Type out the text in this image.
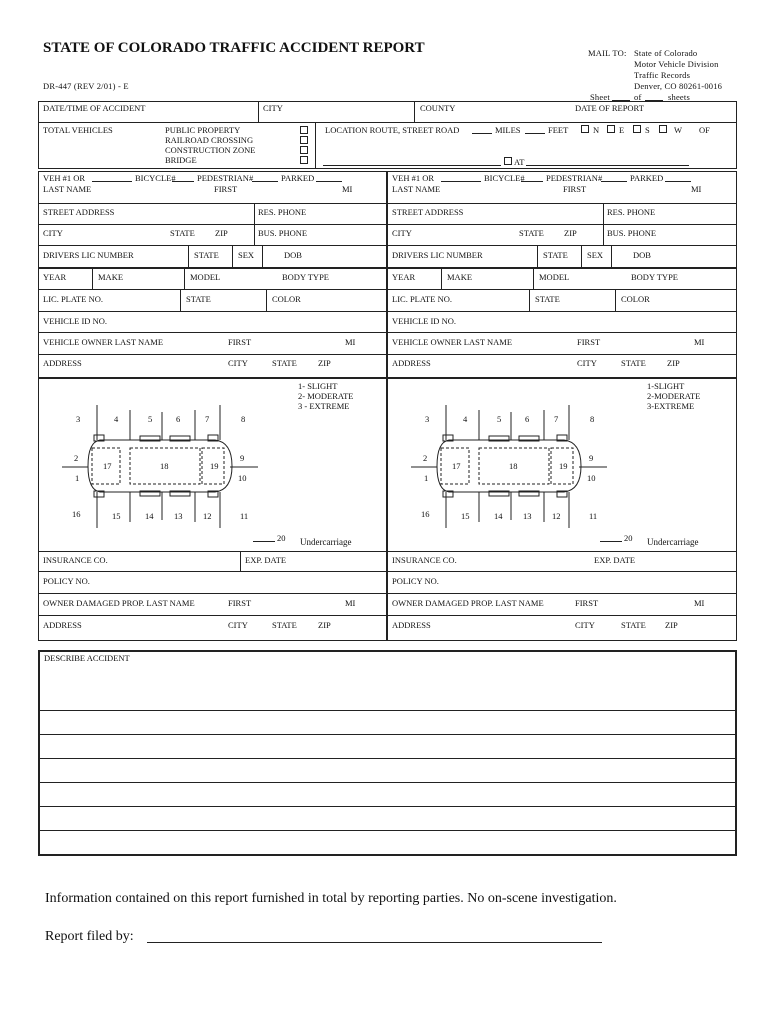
STATE OF COLORADO TRAFFIC ACCIDENT REPORT
DR-447 (REV 2/01) - E
MAIL TO: State of Colorado
Motor Vehicle Division
Traffic Records
Denver, CO 80261-0016
Sheet	of	sheets
DATE/TIME OF ACCIDENT	CITY	COUNTY	DATE OF REPORT
TOTAL VEHICLES	PUBLIC PROPERTY
RAILROAD CROSSING
CONSTRUCTION ZONE
BRIDGE
LOCATION ROUTE, STREET ROAD	MILES	FEET	N E S	W OF
AT
VEH #1 OR	BICYCLE#	PEDESTRIAN#	PARKED
LAST NAME	FIRST	MI
STREET ADDRESS	RES. PHONE
CITY	STATE ZIP	BUS. PHONE
DRIVERS LIC NUMBER	STATE SEX	DOB
YEAR	MAKE	MODEL	BODY TYPE
LIC. PLATE NO.	STATE	COLOR
VEHICLE ID NO.
VEHICLE OWNER LAST NAME	FIRST	MI
ADDRESS	CITY	STATE ZIP
1- SLIGHT
2- MODERATE
3 - EXTREME
3	4	5	6	7	8
2
1
9
10
17	18	19
16	15	14 13 12	11
20 Undercarriage
INSURANCE CO.	EXP. DATE
POLICY NO.
OWNER DAMAGED PROP. LAST NAME	FIRST	MI
ADDRESS	CITY	STATE ZIP
VEH #1 OR	BICYCLE#	PEDESTRIAN#	PARKED
LAST NAME	FIRST	MI
STREET ADDRESS	RES. PHONE
CITY	STATE ZIP	BUS. PHONE
DRIVERS LIC NUMBER	STATE SEX	DOB
YEAR	MAKE	MODEL	BODY TYPE
LIC. PLATE NO.	STATE	COLOR
VEHICLE ID NO.
VEHICLE OWNER LAST NAME	FIRST	MI
ADDRESS	CITY	STATE ZIP
1-SLIGHT
2-MODERATE
3-EXTREME
3	4	5	6	7	8
2
1
9
10
17	18	19
16	15	14 13 12	11
20 Undercarriage
INSURANCE CO.	EXP. DATE
POLICY NO.
OWNER DAMAGED PROP. LAST NAME	FIRST	MI
ADDRESS	CITY	STATE ZIP
DESCRIBE ACCIDENT
Information contained on this report furnished in total by reporting parties. No on-scene investigation.
Report filed by:
